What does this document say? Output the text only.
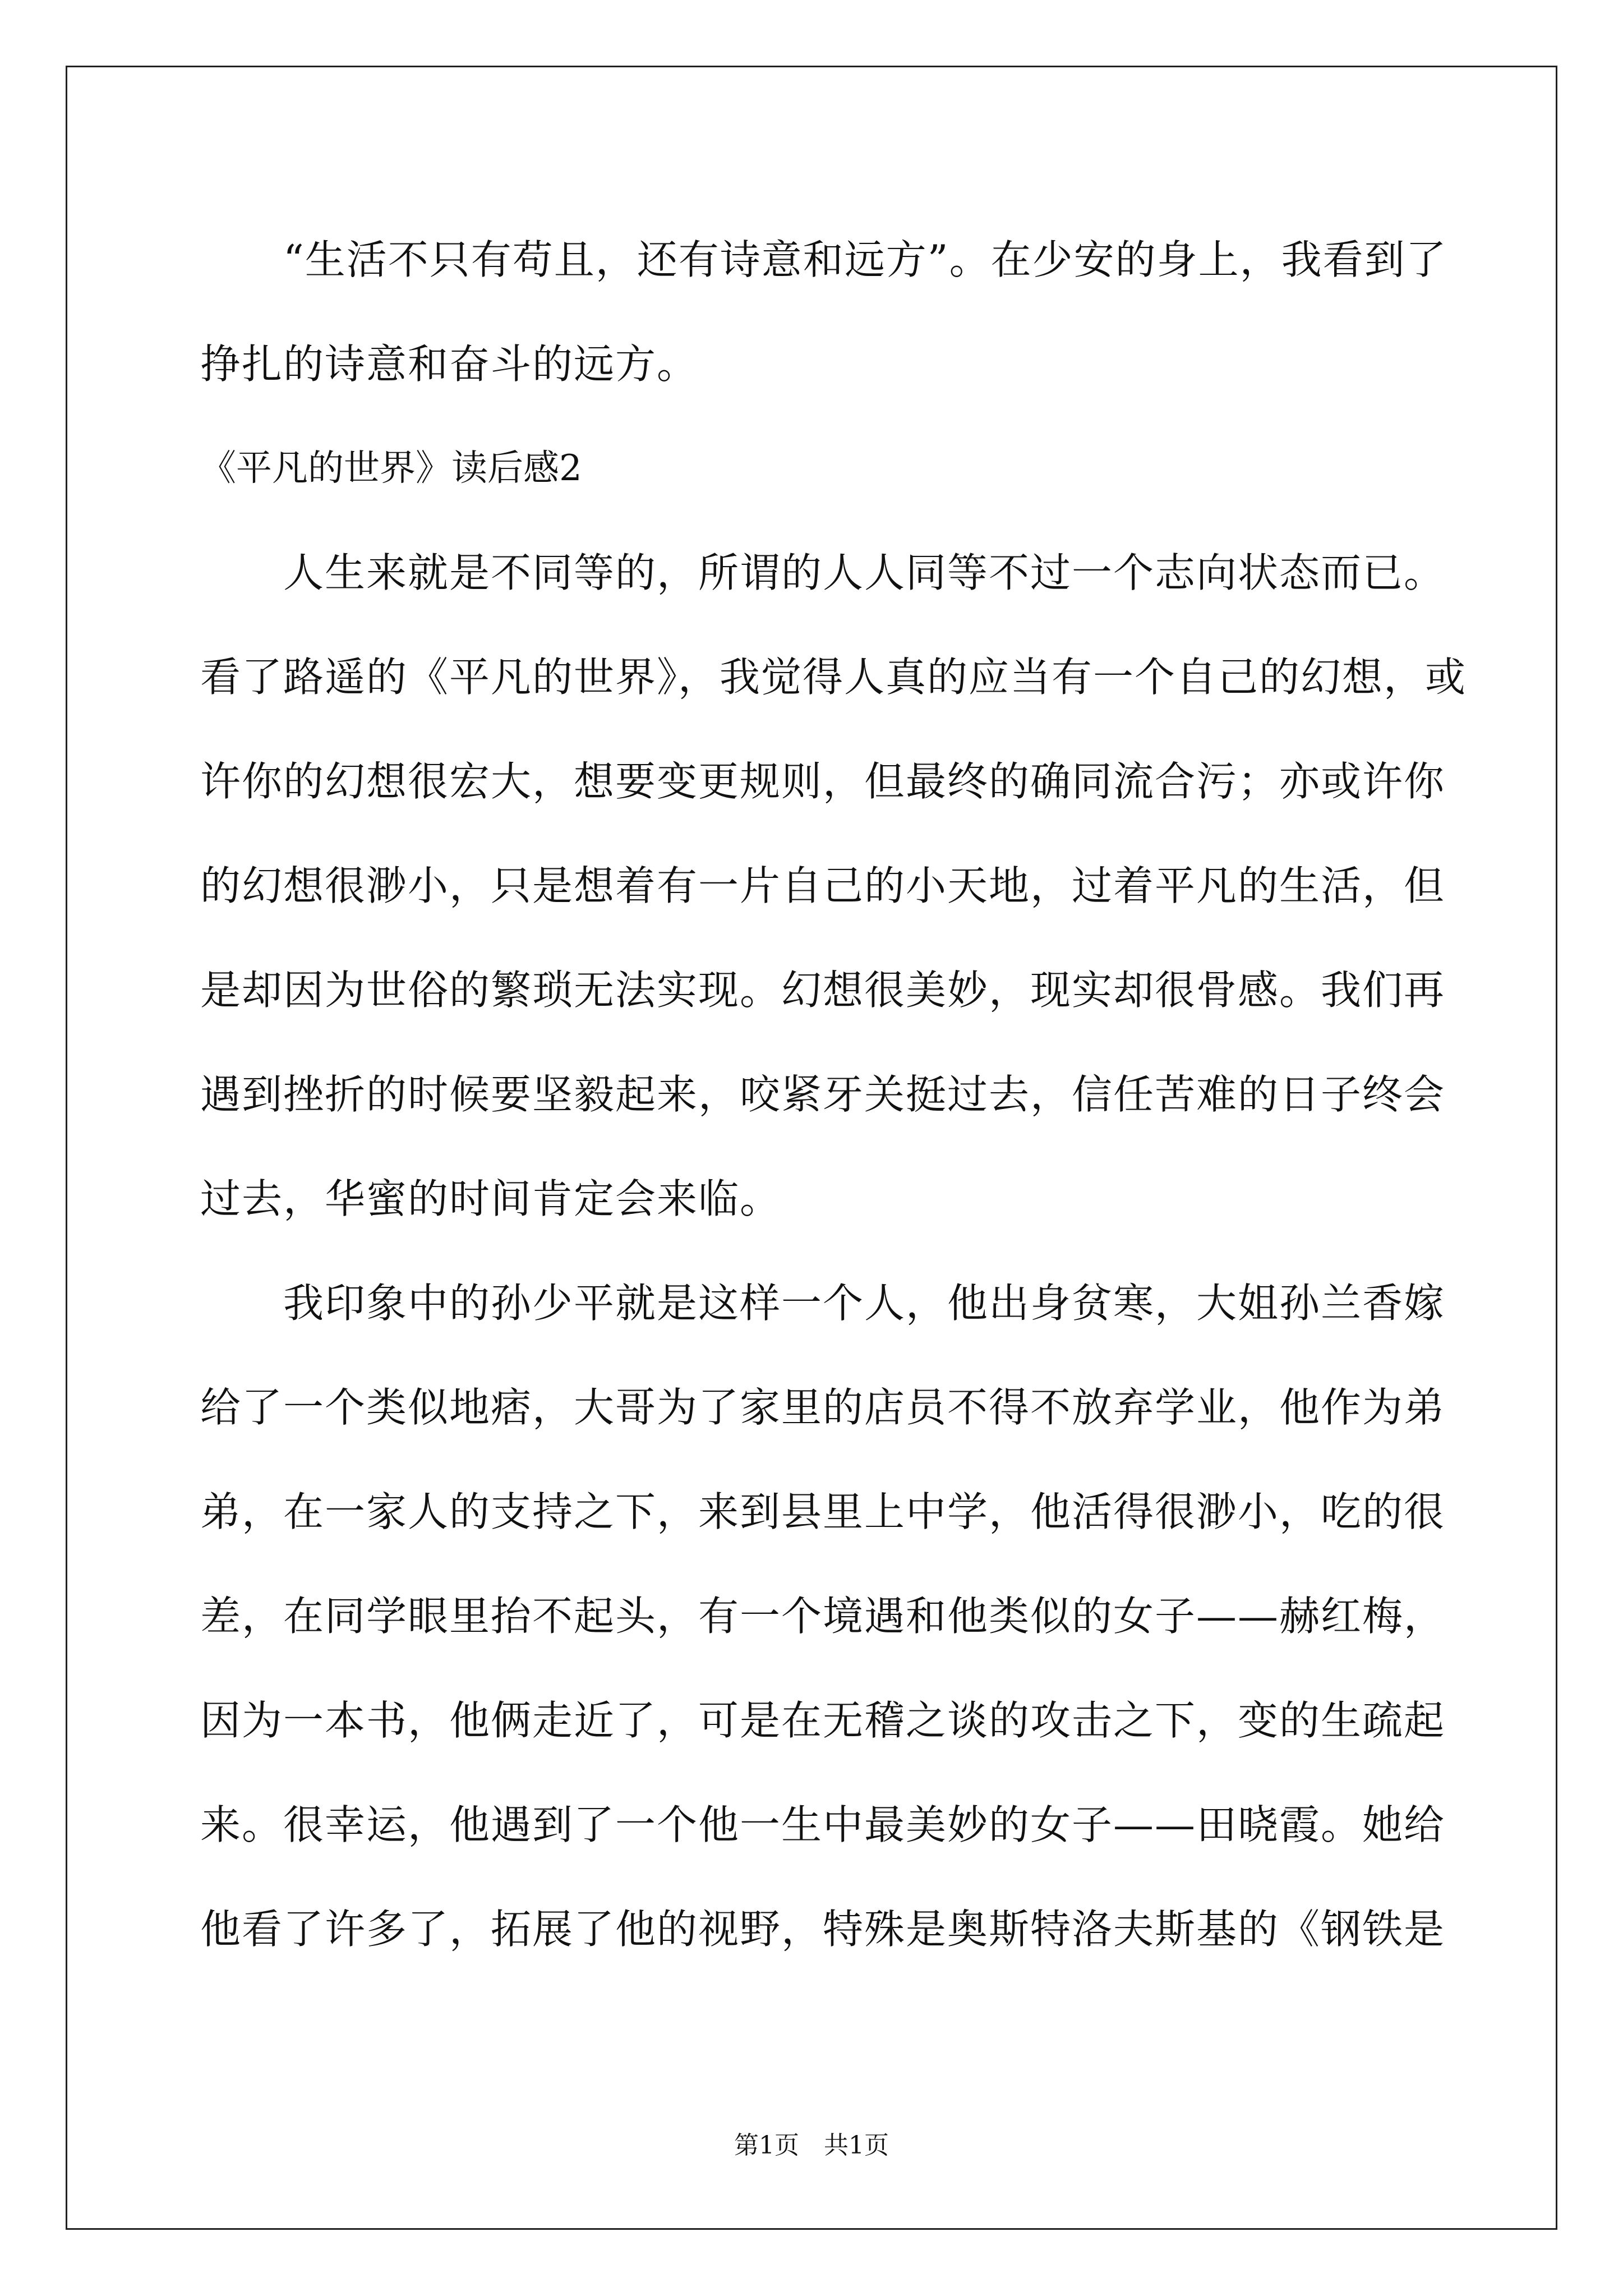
“生活不只有苟且，还有诗意和远方”。在少安的身上，我看到了
挣扎的诗意和奋斗的远方。
《平凡的世界》读后感2
人生来就是不同等的，所谓的人人同等不过一个志向状态而已。
看了路遥的《平凡的世界》，我觉得人真的应当有一个自己的幻想，或
许你的幻想很宏大，想要变更规则，但最终的确同流合污；亦或许你
的幻想很渺小，只是想着有一片自己的小天地，过着平凡的生活，但
是却因为世俗的繁琐无法实现。幻想很美妙，现实却很骨感。我们再
遇到挫折的时候要坚毅起来，咬紧牙关挺过去，信任苦难的日子终会
过去，华蜜的时间肯定会来临。
我印象中的孙少平就是这样一个人，他出身贫寒，大姐孙兰香嫁
给了一个类似地痞，大哥为了家里的店员不得不放弃学业，他作为弟
弟，在一家人的支持之下，来到县里上中学，他活得很渺小，吃的很
差，在同学眼里抬不起头，有一个境遇和他类似的女子——赫红梅，
因为一本书，他俩走近了，可是在无稽之谈的攻击之下，变的生疏起
来。很幸运，他遇到了一个他一生中最美妙的女子——田晓霞。她给
他看了许多了，拓展了他的视野，特殊是奥斯特洛夫斯基的《钢铁是
第1页 共1页
